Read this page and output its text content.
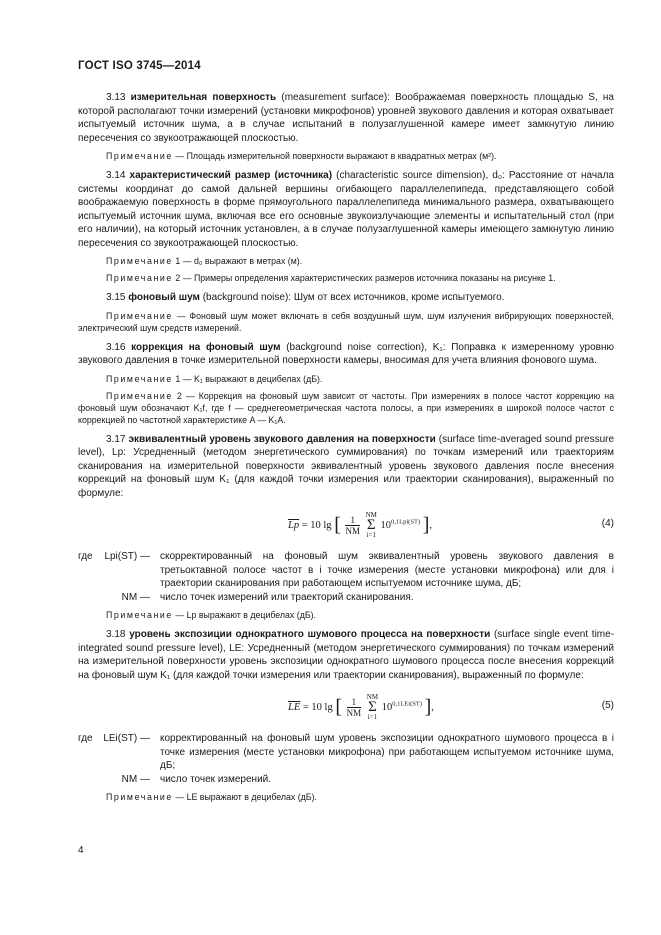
ГОСТ ISO 3745—2014

3.13 измерительная поверхность (measurement surface): Воображаемая поверхность площадью S, на которой располагают точки измерений (установки микрофонов) уровней звукового давления и которая охватывает испытуемый источник шума, а в случае испытаний в полузаглушенной камере имеет замкнутую линию пересечения со звукоотражающей плоскостью.

Примечание — Площадь измерительной поверхности выражают в квадратных метрах (м²).

3.14 характеристический размер (источника) (characteristic source dimension), d₀: Расстояние от начала системы координат до самой дальней вершины огибающего параллелепипеда, представляющего собой воображаемую поверхность в форме прямоугольного параллелепипеда минимального размера, охватывающего испытуемый источник шума, включая все его основные звукоизлучающие элементы и испытательный стол (при его наличии), на который источник установлен, а в случае полузаглушенной камеры имеющего замкнутую линию пересечения со звукоотражающей плоскостью.

Примечание 1 — d₀ выражают в метрах (м).

Примечание 2 — Примеры определения характеристических размеров источника показаны на рисунке 1.

3.15 фоновый шум (background noise): Шум от всех источников, кроме испытуемого.

Примечание — Фоновый шум может включать в себя воздушный шум, шум излучения вибрирующих поверхностей, электрический шум средств измерений.

3.16 коррекция на фоновый шум (background noise correction), K₁: Поправка к измеренному уровню звукового давления в точке измерительной поверхности камеры, вносимая для учета влияния фонового шума.

Примечание 1 — K₁ выражают в децибелах (дБ).

Примечание 2 — Коррекция на фоновый шум зависит от частоты. При измерениях в полосе частот коррекцию на фоновый шум обозначают K₁f, где f — среднегеометрическая частота полосы, а при измерениях в широкой полосе частот с коррекцией по частотной характеристике A — K₁A.

3.17 эквивалентный уровень звукового давления на поверхности (surface time-averaged sound pressure level), Lp: Усредненный (методом энергетического суммирования) по точкам измерений или траекториям сканирования на измерительной поверхности эквивалентный уровень звукового давления после внесения коррекций на фоновый шум K₁ (для каждой точки измерения или траектории сканирования), выраженный по формуле:

$\overline{Lp} = 10$ lg [ $\frac{1}{NM}$ NM
Σ
i=1 $10^{0,1Lpi(ST)}$ ],	(4)
где Lpi(ST) — скорректированный на фоновый шум эквивалентный уровень звукового давления в третьоктавной полосе частот в i точке измерения (месте установки микрофона) или для i траектории сканирования при работающем испытуемом источнике шума, дБ;
NM — число точек измерений или траекторий сканирования.

Примечание — Lp выражают в децибелах (дБ).

3.18 уровень экспозиции однократного шумового процесса на поверхности (surface single event time-integrated sound pressure level), LE: Усредненный (методом энергетического суммирования) по точкам измерений на измерительной поверхности уровень экспозиции однократного шумового процесса после внесения коррекций на фоновый шум K₁ (для каждой точки измерения или траектории сканирования), выраженный по формуле:

$\overline{LE} = 10$ lg [ $\frac{1}{NM}$ NM
Σ
i=1 $10^{0,1LEi(ST)}$ ],	(5)
где LEi(ST) — корректированный на фоновый шум уровень экспозиции однократного шумового процесса в i точке измерения (месте установки микрофона) при работающем испытуемом источнике шума, дБ;
NM — число точек измерений.

Примечание — LE выражают в децибелах (дБ).

4
